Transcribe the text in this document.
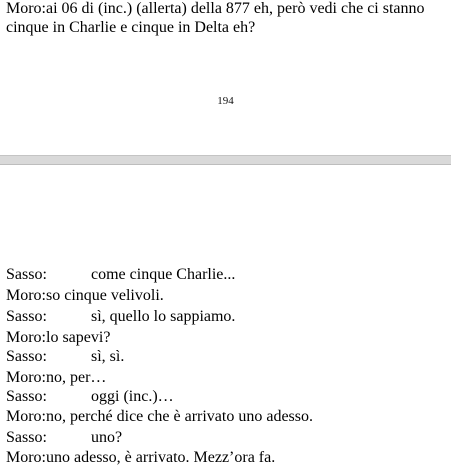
Moro:ai 06 di (inc.) (allerta) della 877 eh, però vedi che ci stanno
cinque in Charlie e cinque in Delta eh?
194
Sasso:	come cinque Charlie...
Moro:so cinque velivoli.
Sasso:	sì, quello lo sappiamo.
Moro:lo sapevi?
Sasso:	sì, sì.
Moro:no, per…
Sasso:	oggi (inc.)…
Moro:no, perché dice che è arrivato uno adesso.
Sasso:	uno?
Moro:uno adesso, è arrivato. Mezz’ora fa.
